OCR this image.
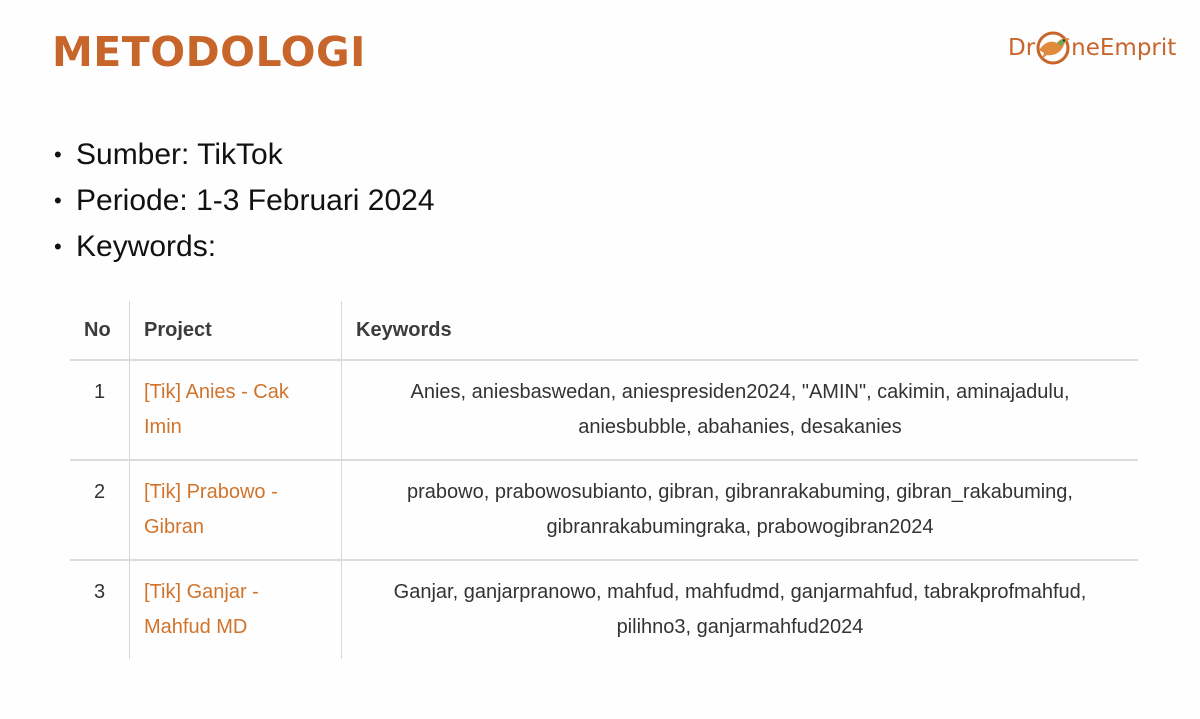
METODOLOGI	Dr neEmprit
• Sumber: TikTok
• Periode: 1-3 Februari 2024
• Keywords:
No	Project	Keywords
1	[Tik] Anies - Cak Imin	Anies, aniesbaswedan, aniespresiden2024, "AMIN", cakimin, aminajadulu, aniesbubble, abahanies, desakanies
2	[Tik] Prabowo - Gibran	prabowo, prabowosubianto, gibran, gibranrakabuming, gibran_rakabuming, gibranrakabumingraka, prabowogibran2024
3	[Tik] Ganjar - Mahfud MD	Ganjar, ganjarpranowo, mahfud, mahfudmd, ganjarmahfud, tabrakprofmahfud, pilihno3, ganjarmahfud2024
